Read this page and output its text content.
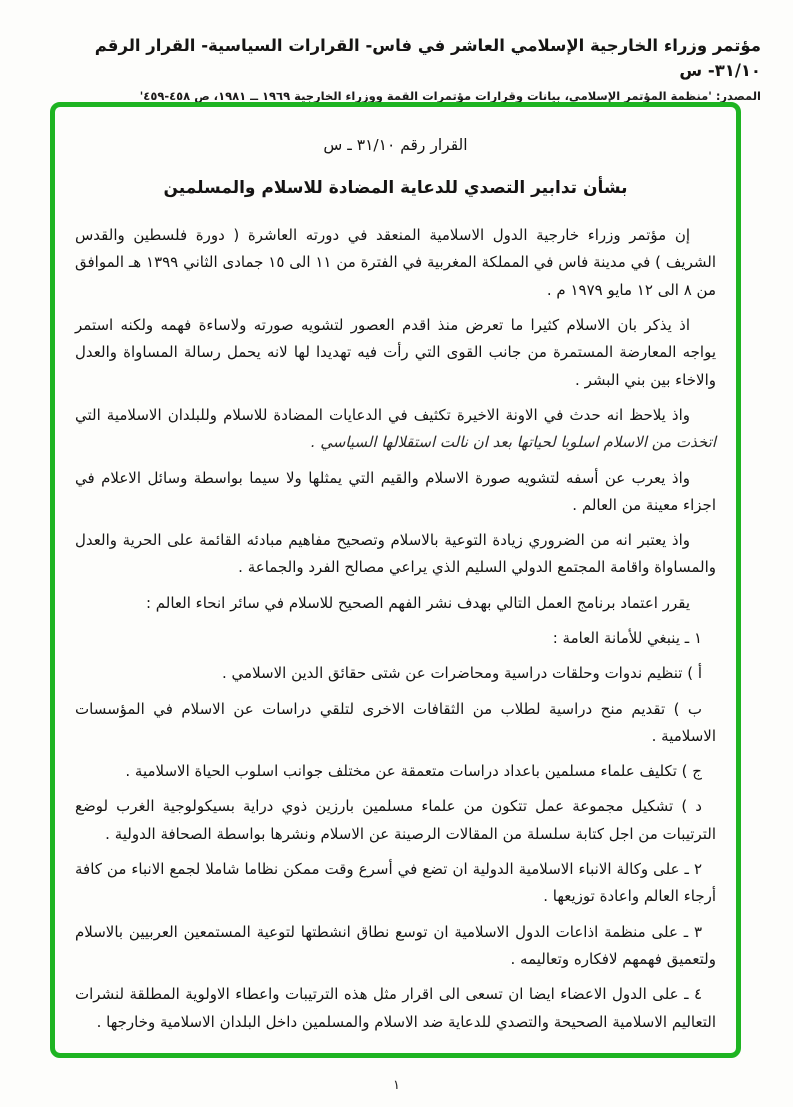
مؤتمر وزراء الخارجية الإسلامي العاشر في فاس- القرارات السياسية- القرار الرقم ٣١/١٠- س
المصدر: 'منظمة المؤتمر الإسلامي، بيانات وقرارات مؤتمرات القمة ووزراء الخارجية ١٩٦٩ ــ ١٩٨١، ص ٤٥٨-٤٥٩'

القرار رقم ٣١/١٠ ـ س

بشأن تدابير التصدي للدعاية المضادة للاسلام والمسلمين

إن مؤتمر وزراء خارجية الدول الاسلامية المنعقد في دورته العاشرة ( دورة فلسطين والقدس الشريف ) في مدينة فاس في المملكة المغربية في الفترة من ١١ الى ١٥ جمادى الثاني ١٣٩٩ هـ الموافق من ٨ الى ١٢ مايو ١٩٧٩ م .

اذ يذكر بان الاسلام كثيرا ما تعرض منذ اقدم العصور لتشويه صورته ولاساءة فهمه ولكنه استمر يواجه المعارضة المستمرة من جانب القوى التي رأت فيه تهديدا لها لانه يحمل رسالة المساواة والعدل والاخاء بين بني البشر .

واذ يلاحظ انه حدث في الاونة الاخيرة تكثيف في الدعايات المضادة للاسلام وللبلدان الاسلامية التي اتخذت من الاسلام اسلوبا لحياتها بعد ان نالت استقلالها السياسي .

واذ يعرب عن أسفه لتشويه صورة الاسلام والقيم التي يمثلها ولا سيما بواسطة وسائل الاعلام في اجزاء معينة من العالم .

واذ يعتبر انه من الضروري زيادة التوعية بالاسلام وتصحيح مفاهيم مبادئه القائمة على الحرية والعدل والمساواة واقامة المجتمع الدولي السليم الذي يراعي مصالح الفرد والجماعة .

يقرر اعتماد برنامج العمل التالي بهدف نشر الفهم الصحيح للاسلام في سائر انحاء العالم :

١ ـ ينبغي للأمانة العامة :

أ ) تنظيم ندوات وحلقات دراسية ومحاضرات عن شتى حقائق الدين الاسلامي .

ب ) تقديم منح دراسية لطلاب من الثقافات الاخرى لتلقي دراسات عن الاسلام في المؤسسات الاسلامية .

ج ) تكليف علماء مسلمين باعداد دراسات متعمقة عن مختلف جوانب اسلوب الحياة الاسلامية .

د ) تشكيل مجموعة عمل تتكون من علماء مسلمين بارزين ذوي دراية بسيكولوجية الغرب لوضع الترتيبات من اجل كتابة سلسلة من المقالات الرصينة عن الاسلام ونشرها بواسطة الصحافة الدولية .

٢ ـ على وكالة الانباء الاسلامية الدولية ان تضع في أسرع وقت ممكن نظاما شاملا لجمع الانباء من كافة أرجاء العالم واعادة توزيعها .

٣ ـ على منظمة اذاعات الدول الاسلامية ان توسع نطاق انشطتها لتوعية المستمعين العربيين بالاسلام ولتعميق فهمهم لافكاره وتعاليمه .

٤ ـ على الدول الاعضاء ايضا ان تسعى الى اقرار مثل هذه الترتيبات واعطاء الاولوية المطلقة لنشرات التعاليم الاسلامية الصحيحة والتصدي للدعاية ضد الاسلام والمسلمين داخل البلدان الاسلامية وخارجها .

١
